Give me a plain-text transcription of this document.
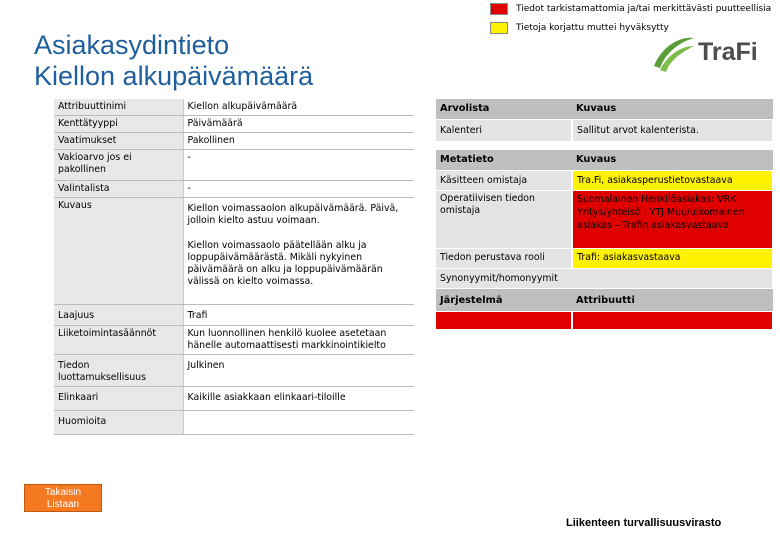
Asiakasydintieto
Kiellon alkupäivämäärä
Tiedot tarkistamattomia ja/tai merkittävästi puutteellisia
Tietoja korjattu muttei hyväksytty
TraFi
Attribuuttinimi	Kiellon alkupäivämäärä
Kenttätyyppi	Päivämäärä
Vaatimukset	Pakollinen
Vakioarvo jos ei pakollinen	-
Valintalista	-
Kuvaus	Kiellon voimassaolon alkupäivämäärä. Päivä, jolloin kielto astuu voimaan.
	Kiellon voimassaolo päätellään alku ja loppupäivämäärästä. Mikäli nykyinen päivämäärä on alku ja loppupäivämäärän välissä on kielto voimassa.
Laajuus	Trafi
Liiketoimintasäännöt	Kun luonnollinen henkilö kuolee asetetaan hänelle automaattisesti markkinointikielto
Tiedon luottamuksellisuus	Julkinen
Elinkaari	Kaikille asiakkaan elinkaari-tiloille
Huomioita	
Arvolista	Kuvaus
Kalenteri	Sallitut arvot kalenterista.

Metatieto	Kuvaus
Käsitteen omistaja	Tra.Fi, asiakasperustietovastaava
Operatiivisen tiedon omistaja	Suomalainen Henkilöasiakas: VRK Yritys/yhteisö : YTJ Muu/ulkomainen asiakas – Trafin asiakasvastaava
Tiedon perustava rooli	Trafi: asiakasvastaava
Synonyymit/homonyymit	
Järjestelmä	Attribuutti

Takaisin
Listaan
Liikenteen turvallisuusvirasto
